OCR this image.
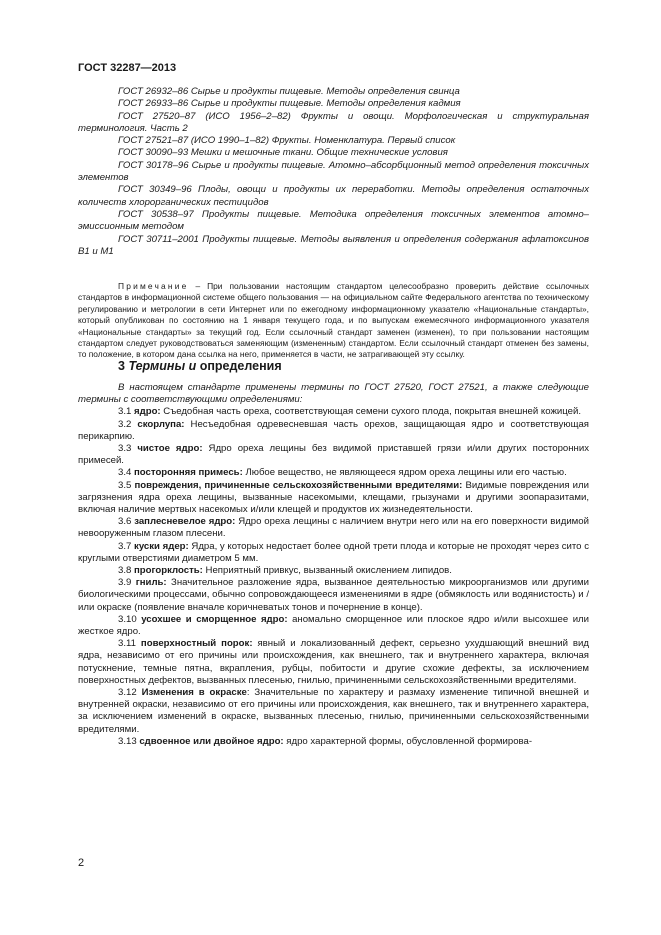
ГОСТ 32287—2013

ГОСТ 26932–86 Сырье и продукты пищевые. Методы определения свинца

ГОСТ 26933–86 Сырье и продукты пищевые. Методы определения кадмия

ГОСТ 27520–87 (ИСО 1956–2–82) Фрукты и овощи. Морфологическая и структуральная терминология. Часть 2

ГОСТ 27521–87 (ИСО 1990–1–82) Фрукты. Номенклатура. Первый список

ГОСТ 30090–93 Мешки и мешочные ткани. Общие технические условия

ГОСТ 30178–96 Сырье и продукты пищевые. Атомно–абсорбционный метод определения токсичных элементов

ГОСТ 30349–96 Плоды, овощи и продукты их переработки. Методы определения остаточных количеств хлорорганических пестицидов

ГОСТ 30538–97 Продукты пищевые. Методика определения токсичных элементов атомно–эмиссионным методом

ГОСТ 30711–2001 Продукты пищевые. Методы выявления и определения содержания афлатоксинов В1 и М1

Примечание – При пользовании настоящим стандартом целесообразно проверить действие ссылочных стандартов в информационной системе общего пользования — на официальном сайте Федерального агентства по техническому регулированию и метрологии в сети Интернет или по ежегодному информационному указателю «Национальные стандарты», который опубликован по состоянию на 1 января текущего года, и по выпускам ежемесячного информационного указателя «Национальные стандарты» за текущий год. Если ссылочный стандарт заменен (изменен), то при пользовании настоящим стандартом следует руководствоваться заменяющим (измененным) стандартом. Если ссылочный стандарт отменен без замены, то положение, в котором дана ссылка на него, применяется в части, не затрагивающей эту ссылку.

3 Термины и определения

В настоящем стандарте применены термины по ГОСТ 27520, ГОСТ 27521, а также следующие термины с соответствующими определениями:

3.1 ядро: Съедобная часть ореха, соответствующая семени сухого плода, покрытая внешней кожицей.

3.2 скорлупа: Несъедобная одревесневшая часть орехов, защищающая ядро и соответствующая перикарпию.

3.3 чистое ядро: Ядро ореха лещины без видимой приставшей грязи и/или других посторонних примесей.

3.4 посторонняя примесь: Любое вещество, не являющееся ядром ореха лещины или его частью.

3.5 повреждения, причиненные сельскохозяйственными вредителями: Видимые повреждения или загрязнения ядра ореха лещины, вызванные насекомыми, клещами, грызунами и другими зоопаразитами, включая наличие мертвых насекомых и/или клещей и продуктов их жизнедеятельности.

3.6 заплесневелое ядро: Ядро ореха лещины с наличием внутри него или на его поверхности видимой невооруженным глазом плесени.

3.7 куски ядер: Ядра, у которых недостает более одной трети плода и которые не проходят через сито с круглыми отверстиями диаметром 5 мм.

3.8 прогорклость: Неприятный привкус, вызванный окислением липидов.

3.9 гниль: Значительное разложение ядра, вызванное деятельностью микроорганизмов или другими биологическими процессами, обычно сопровождающееся изменениями в ядре (обмяклость или водянистость) и /или окраске (появление вначале коричневатых тонов и почернение в конце).

3.10 усохшее и сморщенное ядро: аномально сморщенное или плоское ядро и/или высохшее или жесткое ядро.

3.11 поверхностный порок: явный и локализованный дефект, серьезно ухудшающий внешний вид ядра, независимо от его причины или происхождения, как внешнего, так и внутреннего характера, включая потускнение, темные пятна, вкрапления, рубцы, побитости и другие схожие дефекты, за исключением поверхностных дефектов, вызванных плесенью, гнилью, причиненными сельскохозяйственными вредителями.

3.12 Изменения в окраске: Значительные по характеру и размаху изменение типичной внешней и внутренней окраски, независимо от его причины или происхождения, как внешнего, так и внутреннего характера, за исключением изменений в окраске, вызванных плесенью, гнилью, причиненными сельскохозяйственными вредителями.

3.13 сдвоенное или двойное ядро: ядро характерной формы, обусловленной формирова-

2
